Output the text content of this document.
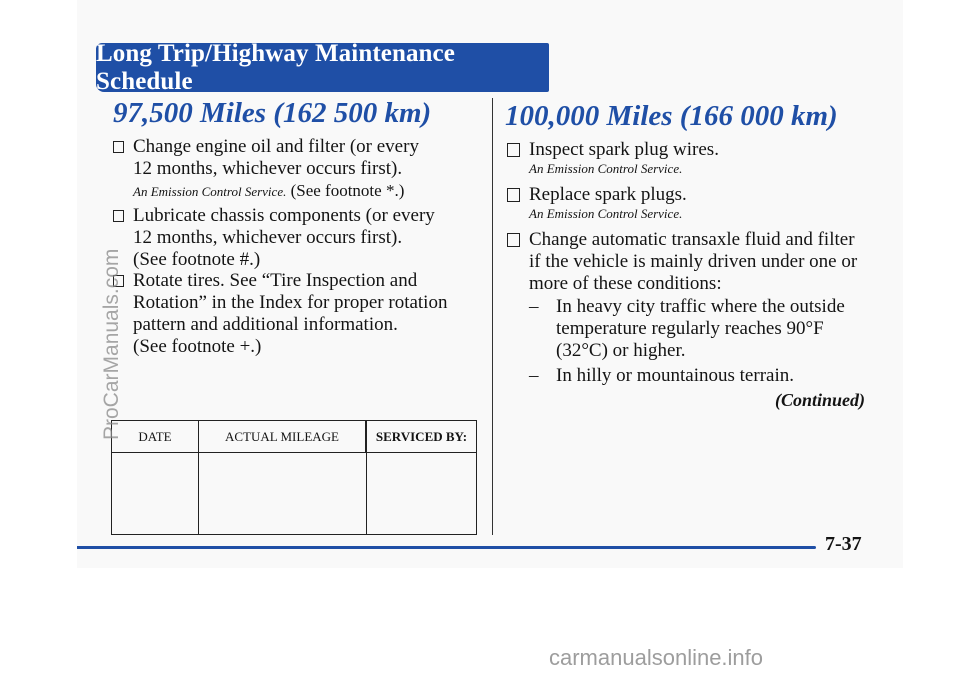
Long Trip/Highway Maintenance Schedule
97,500 Miles (162 500 km)	100,000 Miles (166 000 km)
Change engine oil and filter (or every
12 months, whichever occurs first).
An Emission Control Service. (See footnote *.)
Lubricate chassis components (or every
12 months, whichever occurs first).
(See footnote #.)
Rotate tires. See “Tire Inspection and
Rotation” in the Index for proper rotation
pattern and additional information.
(See footnote +.)
DATE	ACTUAL MILEAGE	SERVICED BY:

Inspect spark plug wires.
An Emission Control Service.
Replace spark plugs.
An Emission Control Service.
Change automatic transaxle fluid and filter
if the vehicle is mainly driven under one or
more of these conditions:
– In heavy city traffic where the outside
temperature regularly reaches 90°F
(32°C) or higher.
– In hilly or mountainous terrain.
(Continued)
7-37
ProCarManuals.com
carmanualsonline.info
